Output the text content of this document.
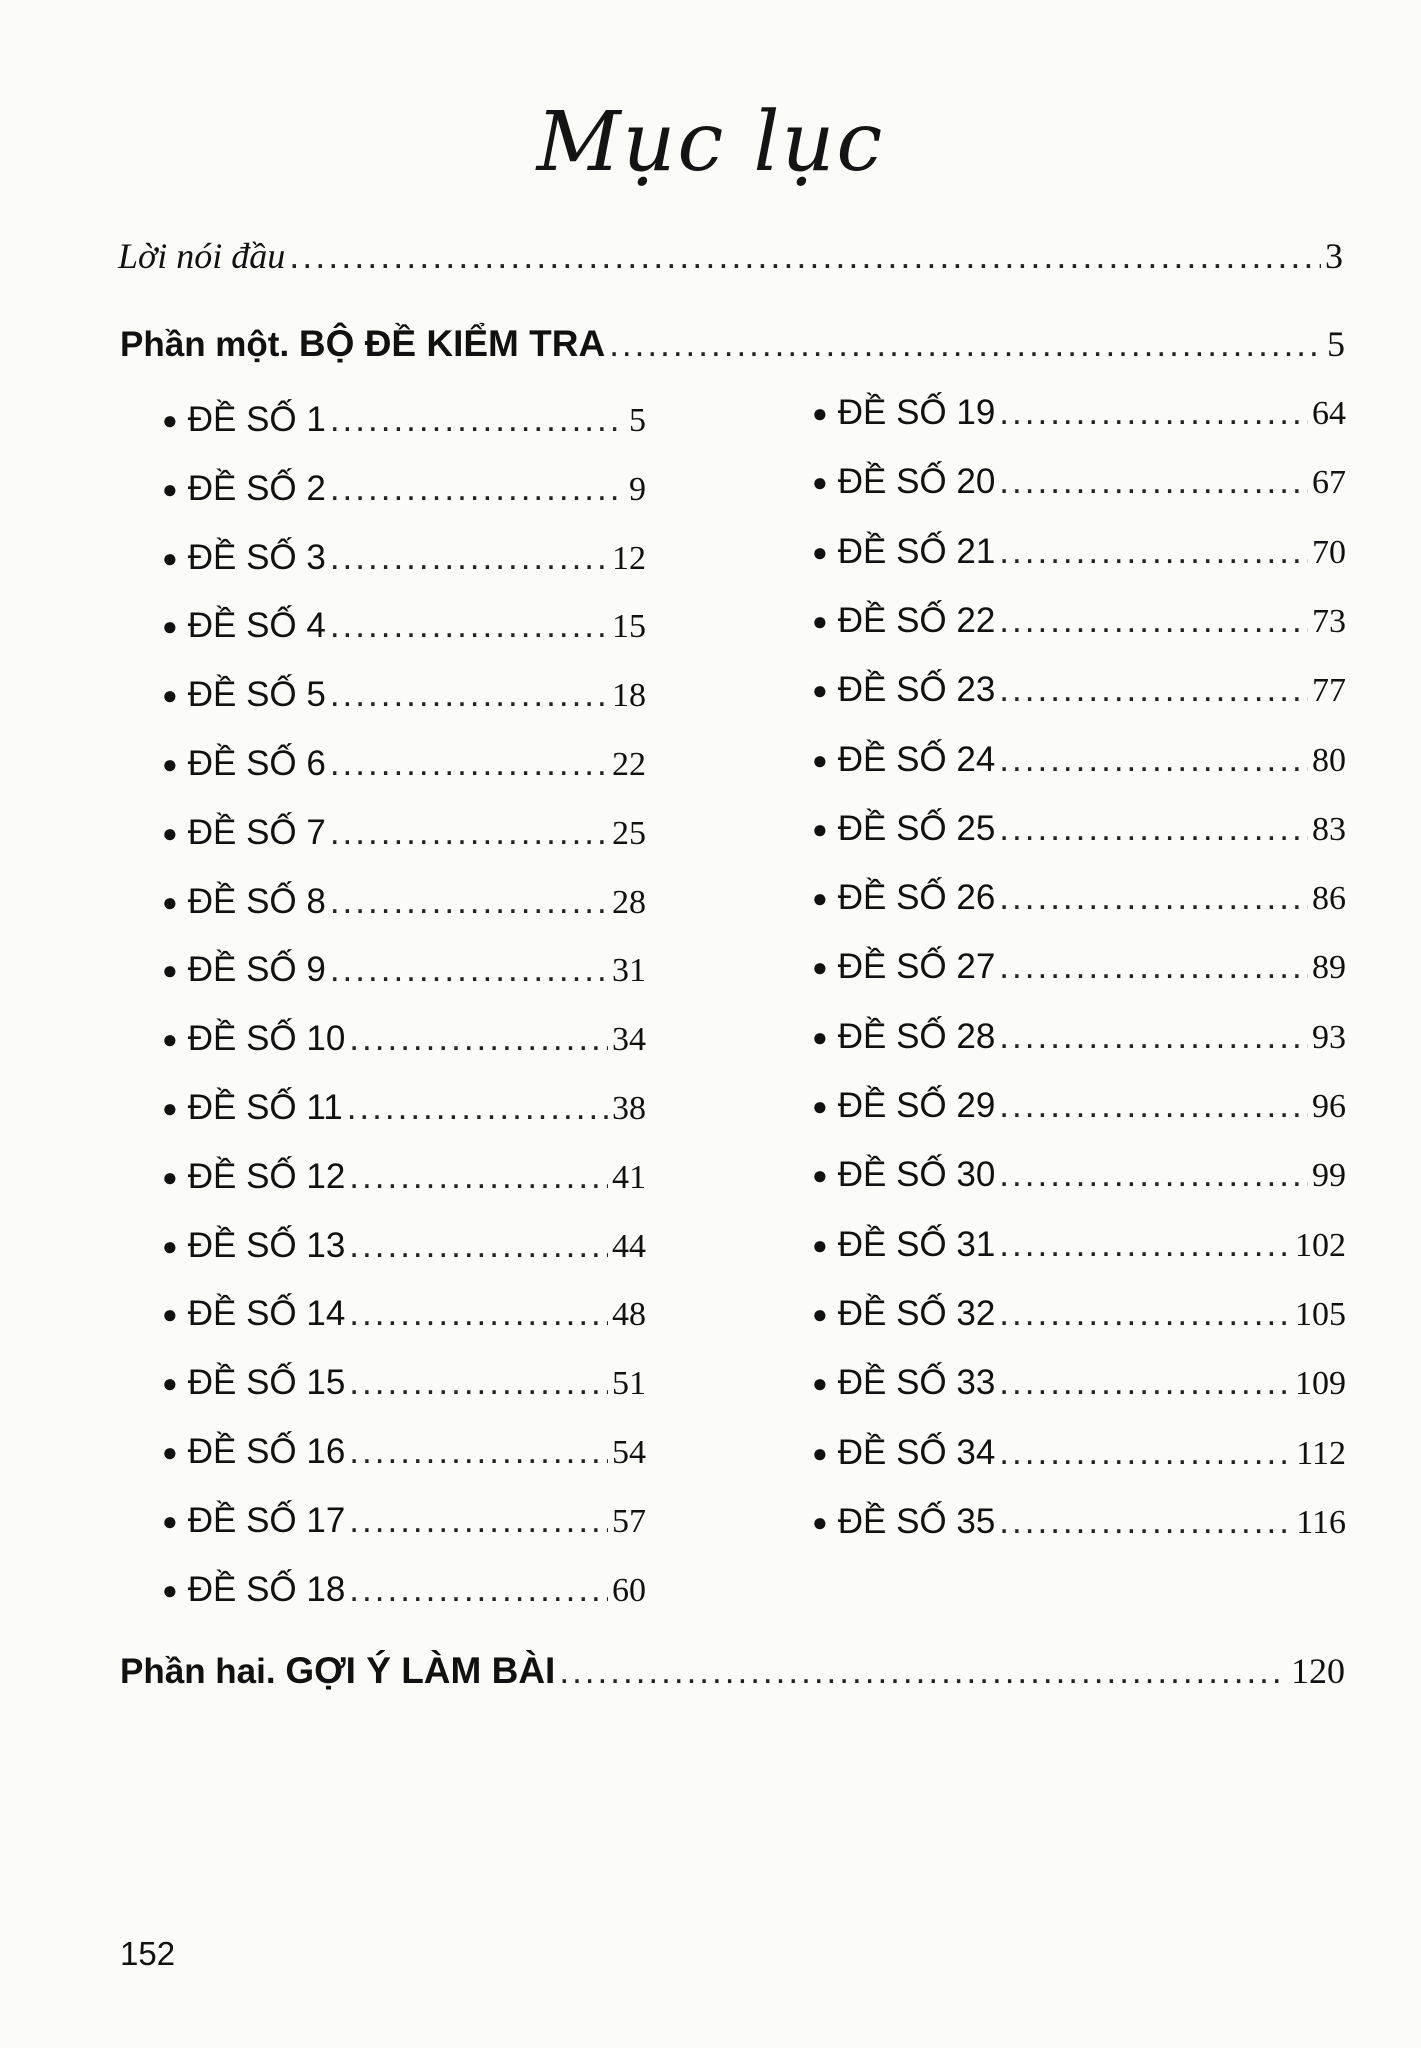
Mục lục
Lời nói đầu .....	3
Phần một. BỘ ĐỀ KIỂM TRA .....	5
● ĐỀ SỐ 1 .....	5
● ĐỀ SỐ 2 .....	9
● ĐỀ SỐ 3 .....	12
● ĐỀ SỐ 4 .....	15
● ĐỀ SỐ 5 .....	18
● ĐỀ SỐ 6 .....	22
● ĐỀ SỐ 7 .....	25
● ĐỀ SỐ 8 .....	28
● ĐỀ SỐ 9 .....	31
● ĐỀ SỐ 10 .....	34
● ĐỀ SỐ 11 .....	38
● ĐỀ SỐ 12 .....	41
● ĐỀ SỐ 13 .....	44
● ĐỀ SỐ 14 .....	48
● ĐỀ SỐ 15 .....	51
● ĐỀ SỐ 16 .....	54
● ĐỀ SỐ 17 .....	57
● ĐỀ SỐ 18 .....	60
● ĐỀ SỐ 19 .....	64
● ĐỀ SỐ 20 .....	67
● ĐỀ SỐ 21 .....	70
● ĐỀ SỐ 22 .....	73
● ĐỀ SỐ 23 .....	77
● ĐỀ SỐ 24 .....	80
● ĐỀ SỐ 25 .....	83
● ĐỀ SỐ 26 .....	86
● ĐỀ SỐ 27 .....	89
● ĐỀ SỐ 28 .....	93
● ĐỀ SỐ 29 .....	96
● ĐỀ SỐ 30 .....	99
● ĐỀ SỐ 31 .....	102
● ĐỀ SỐ 32 .....	105
● ĐỀ SỐ 33 .....	109
● ĐỀ SỐ 34 .....	112
● ĐỀ SỐ 35 .....	116
Phần hai. GỢI Ý LÀM BÀI .....	120
152
